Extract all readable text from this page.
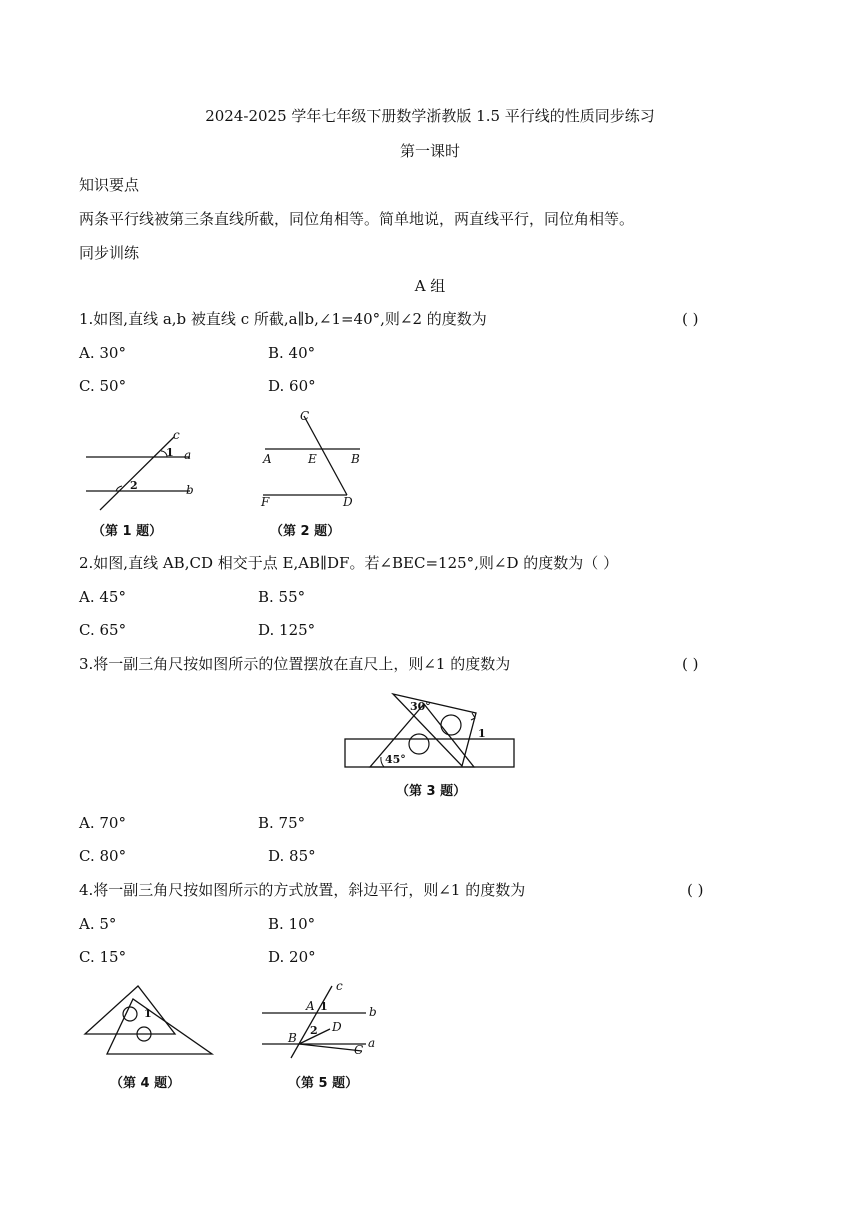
2024-2025 学年七年级下册数学浙教版 1.5 平行线的性质同步练习
第一课时
知识要点
两条平行线被第三条直线所截，同位角相等。简单地说，两直线平行，同位角相等。
同步训练
A 组
1.如图,直线 a,b 被直线 c 所截,a∥b,∠1=40°,则∠2 的度数为	( )
A. 30°	B. 40°
C. 50°	D. 60°
c
1 a
2	b
（第 1 题）
C
A	E	B
F	D
（第 2 题）
2.如图,直线 AB,CD 相交于点 E,AB∥DF。若∠BEC=125°,则∠D 的度数为（ ）
A. 45°	B. 55°
C. 65°	D. 125°
3.将一副三角尺按如图所示的位置摆放在直尺上，则∠1 的度数为	( )
30°
45°
1
（第 3 题）
A. 70°	B. 75°
C. 80°	D. 85°
4.将一副三角尺按如图所示的方式放置，斜边平行，则∠1 的度数为	( )
A. 5°	B. 10°
C. 15°	D. 20°
1
（第 4 题）
c
A 1	b
2 D
B
C a
（第 5 题）
